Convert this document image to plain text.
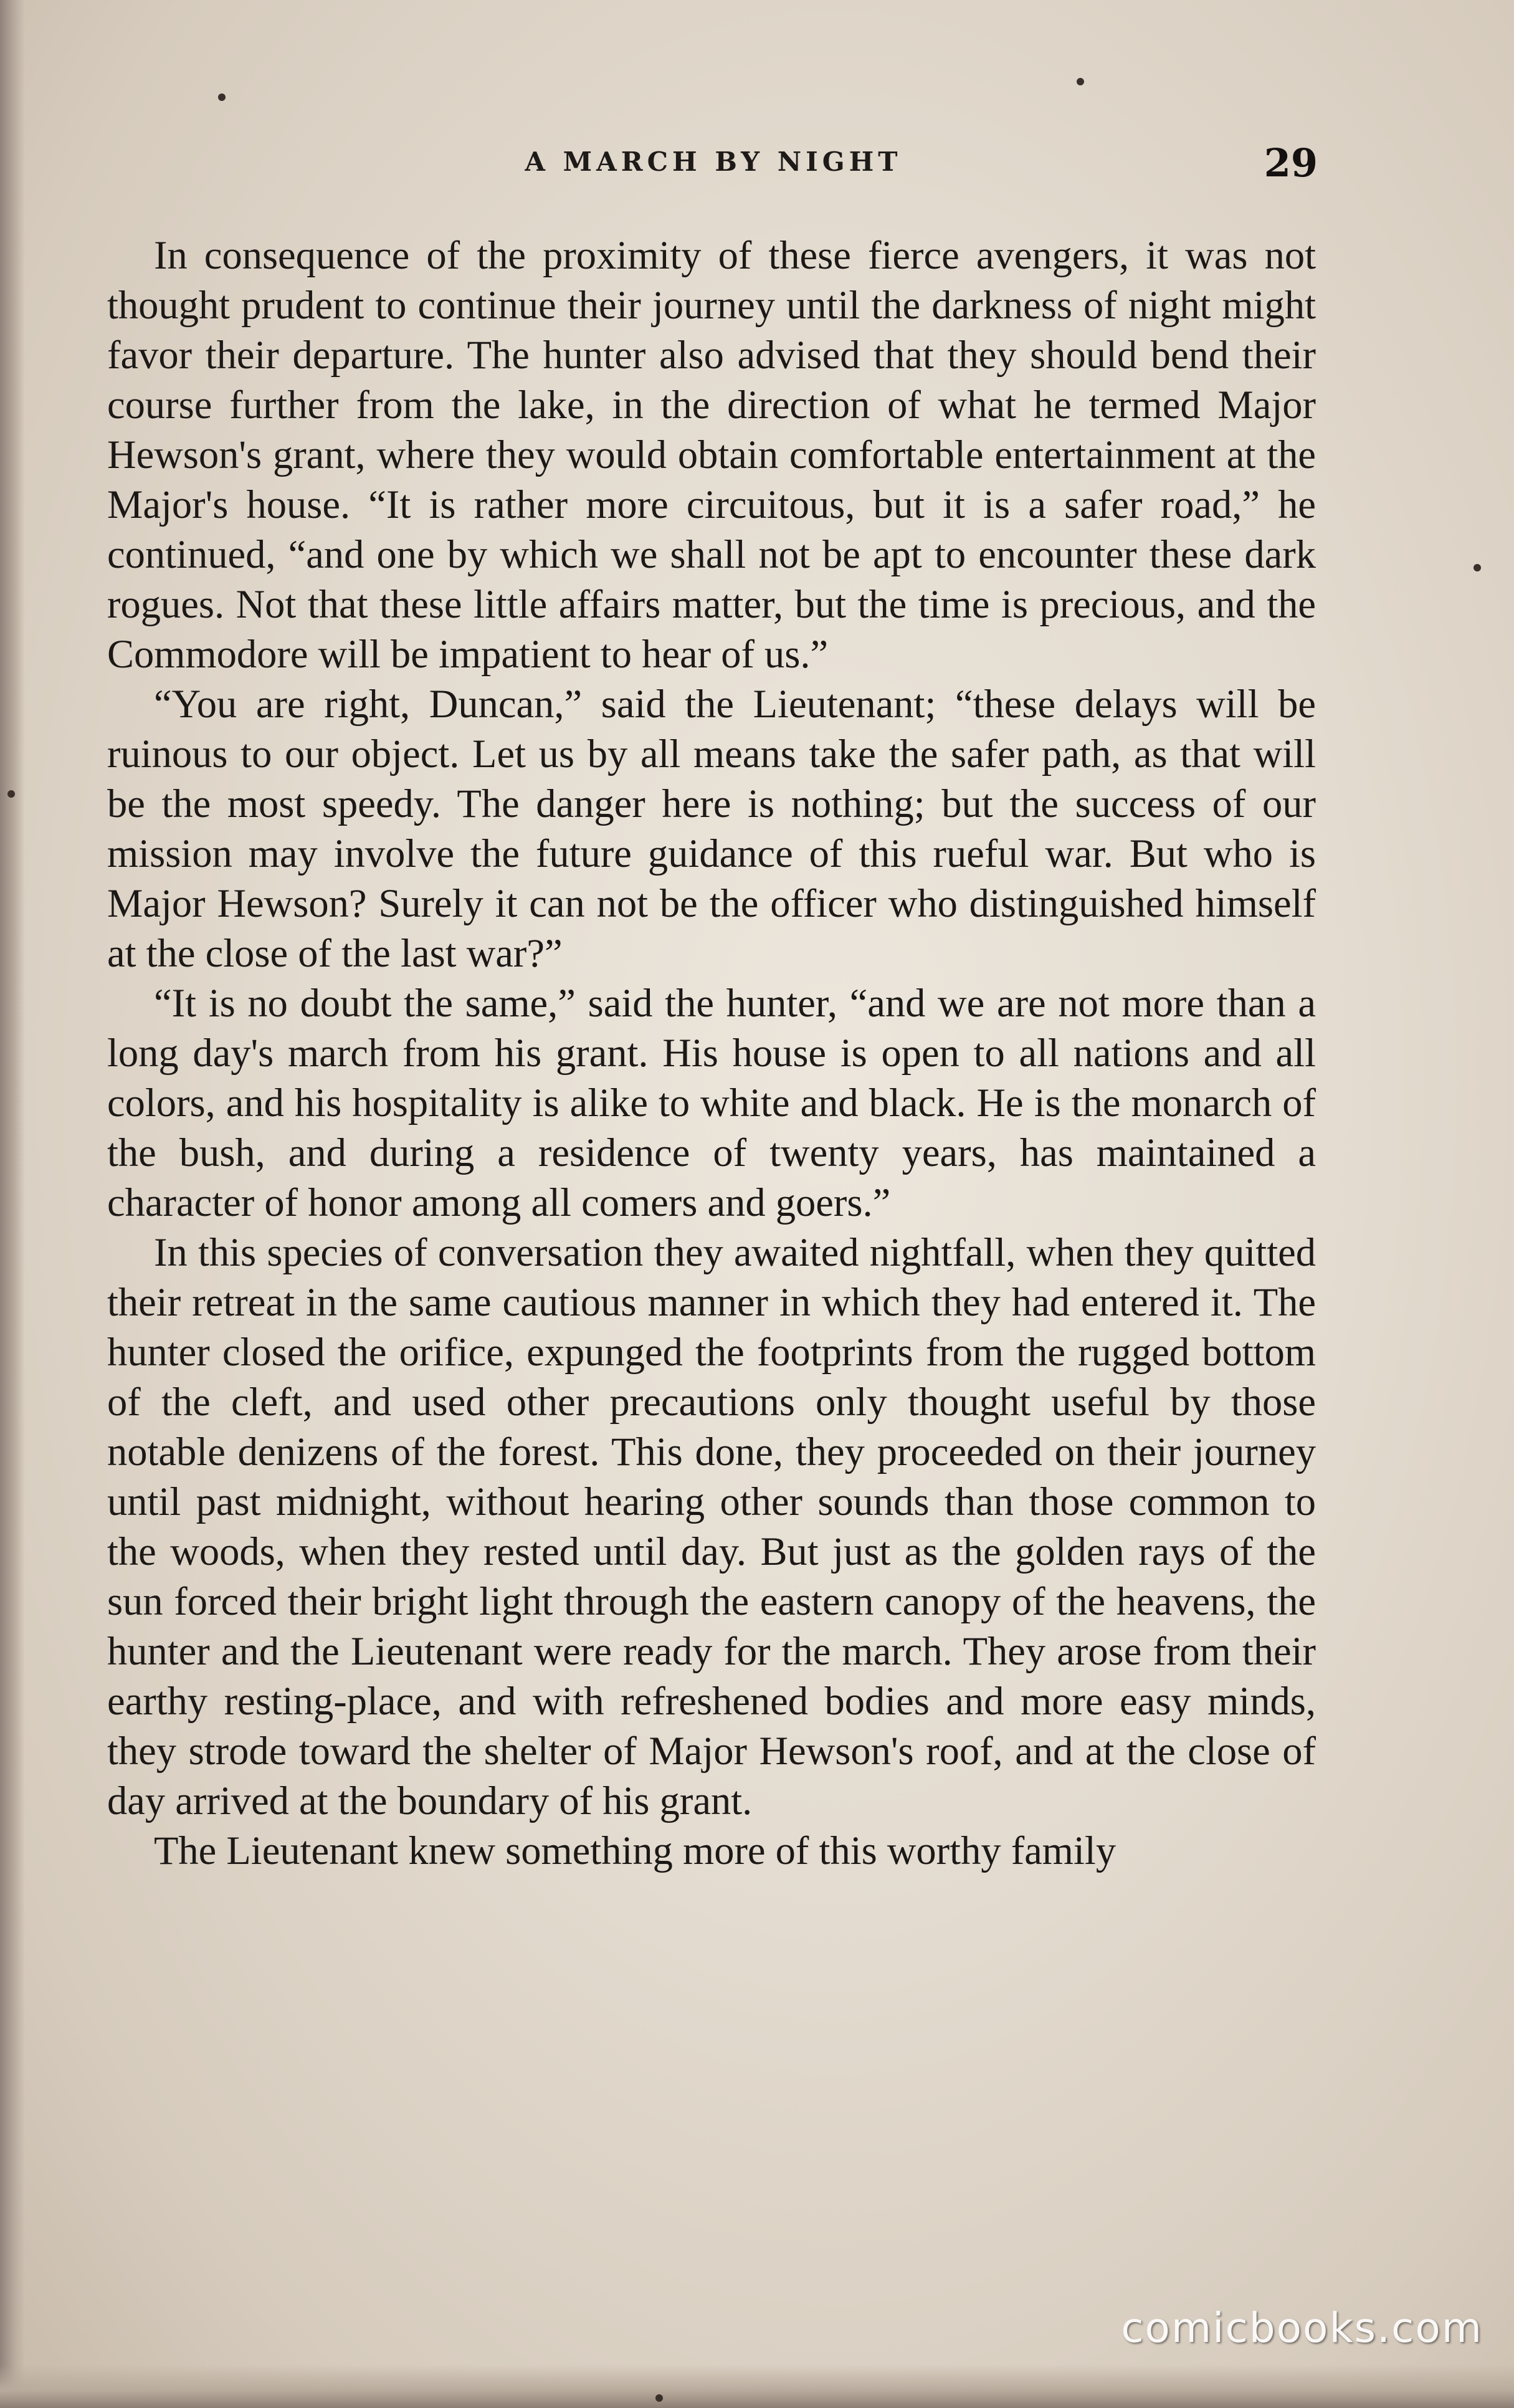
A MARCH BY NIGHT	29

In consequence of the proximity of these fierce avengers, it was not thought prudent to continue their journey until the darkness of night might favor their departure. The hunter also advised that they should bend their course further from the lake, in the direction of what he termed Major Hewson's grant, where they would obtain comfortable entertainment at the Major's house. “It is rather more circuitous, but it is a safer road,” he continued, “and one by which we shall not be apt to encounter these dark rogues. Not that these little affairs matter, but the time is precious, and the Commodore will be impatient to hear of us.”

“You are right, Duncan,” said the Lieutenant; “these delays will be ruinous to our object. Let us by all means take the safer path, as that will be the most speedy. The danger here is nothing; but the success of our mission may involve the future guidance of this rueful war. But who is Major Hewson? Surely it can not be the officer who distinguished himself at the close of the last war?”

“It is no doubt the same,” said the hunter, “and we are not more than a long day's march from his grant. His house is open to all nations and all colors, and his hospitality is alike to white and black. He is the monarch of the bush, and during a residence of twenty years, has maintained a character of honor among all comers and goers.”

In this species of conversation they awaited nightfall, when they quitted their retreat in the same cautious manner in which they had entered it. The hunter closed the orifice, expunged the footprints from the rugged bottom of the cleft, and used other precautions only thought useful by those notable denizens of the forest. This done, they proceeded on their journey until past midnight, without hearing other sounds than those common to the woods, when they rested until day. But just as the golden rays of the sun forced their bright light through the eastern canopy of the heavens, the hunter and the Lieutenant were ready for the march. They arose from their earthy resting-place, and with refreshened bodies and more easy minds, they strode toward the shelter of Major Hewson's roof, and at the close of day arrived at the boundary of his grant.

The Lieutenant knew something more of this worthy family

comicbooks.com
